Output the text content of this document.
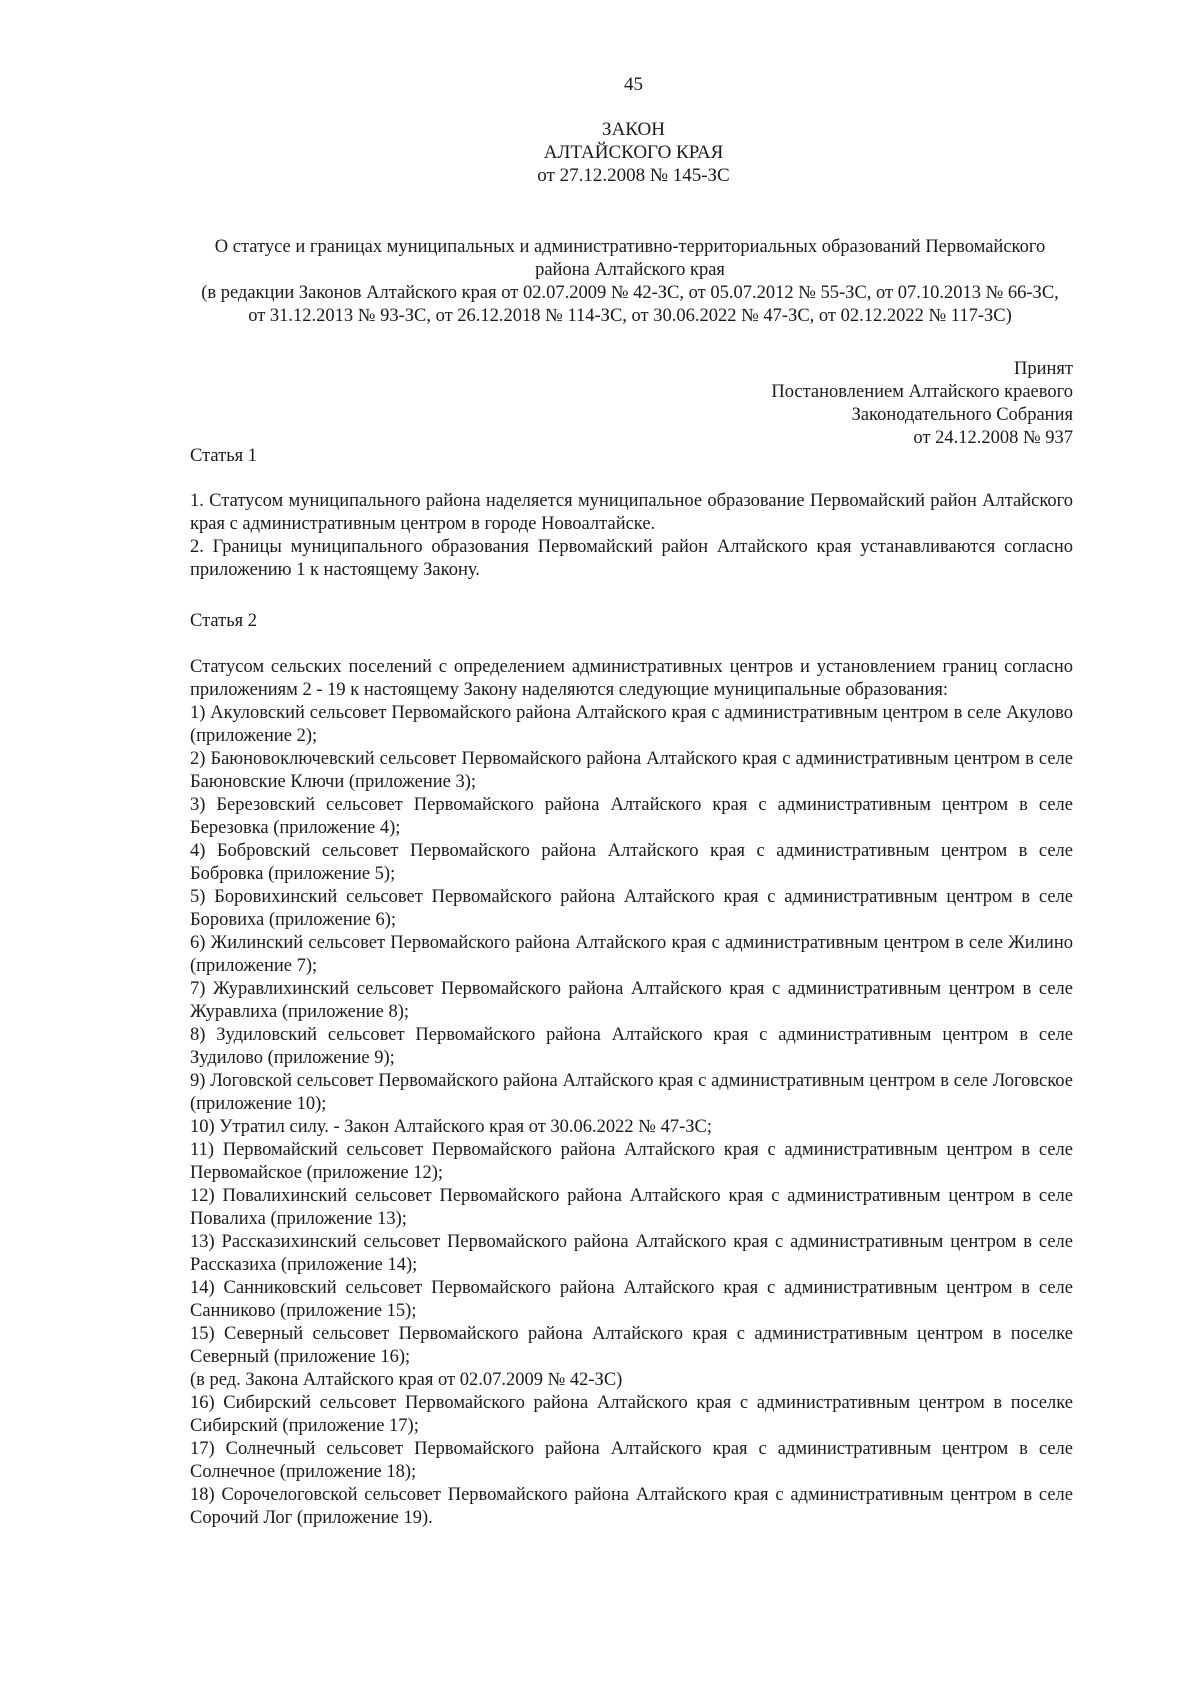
45
ЗАКОН
АЛТАЙСКОГО КРАЯ
от 27.12.2008 № 145-ЗС
О статусе и границах муниципальных и административно-территориальных образований Первомайского
района Алтайского края
(в редакции Законов Алтайского края от 02.07.2009 № 42-ЗС, от 05.07.2012 № 55-ЗС, от 07.10.2013 № 66-ЗС,
от 31.12.2013 № 93-ЗС, от 26.12.2018 № 114-ЗС, от 30.06.2022 № 47-ЗС, от 02.12.2022 № 117-ЗС)
Принят
Постановлением Алтайского краевого
Законодательного Собрания
от 24.12.2008 № 937
Статья 1

1. Статусом муниципального района наделяется муниципальное образование Первомайский район Алтайского края с административным центром в городе Новоалтайске.

2. Границы муниципального образования Первомайский район Алтайского края устанавливаются согласно приложению 1 к настоящему Закону.

Статья 2

Статусом сельских поселений с определением административных центров и установлением границ согласно приложениям 2 - 19 к настоящему Закону наделяются следующие муниципальные образования:

1) Акуловский сельсовет Первомайского района Алтайского края с административным центром в селе Акулово (приложение 2);
2) Баюновоключевский сельсовет Первомайского района Алтайского края с административным центром в селе Баюновские Ключи (приложение 3);
3) Березовский сельсовет Первомайского района Алтайского края с административным центром в селе Березовка (приложение 4);
4) Бобровский сельсовет Первомайского района Алтайского края с административным центром в селе Бобровка (приложение 5);
5) Боровихинский сельсовет Первомайского района Алтайского края с административным центром в селе Боровиха (приложение 6);
6) Жилинский сельсовет Первомайского района Алтайского края с административным центром в селе Жилино (приложение 7);
7) Журавлихинский сельсовет Первомайского района Алтайского края с административным центром в селе Журавлиха (приложение 8);
8) Зудиловский сельсовет Первомайского района Алтайского края с административным центром в селе Зудилово (приложение 9);
9) Логовской сельсовет Первомайского района Алтайского края с административным центром в селе Логовское (приложение 10);
10) Утратил силу. - Закон Алтайского края от 30.06.2022 № 47-ЗС;
11) Первомайский сельсовет Первомайского района Алтайского края с административным центром в селе Первомайское (приложение 12);
12) Повалихинский сельсовет Первомайского района Алтайского края с административным центром в селе Повалиха (приложение 13);
13) Рассказихинский сельсовет Первомайского района Алтайского края с административным центром в селе Рассказиха (приложение 14);
14) Санниковский сельсовет Первомайского района Алтайского края с административным центром в селе Санниково (приложение 15);
15) Северный сельсовет Первомайского района Алтайского края с административным центром в поселке Северный (приложение 16);
(в ред. Закона Алтайского края от 02.07.2009 № 42-ЗС)
16) Сибирский сельсовет Первомайского района Алтайского края с административным центром в поселке Сибирский (приложение 17);
17) Солнечный сельсовет Первомайского района Алтайского края с административным центром в селе Солнечное (приложение 18);
18) Сорочелоговской сельсовет Первомайского района Алтайского края с административным центром в селе Сорочий Лог (приложение 19).
